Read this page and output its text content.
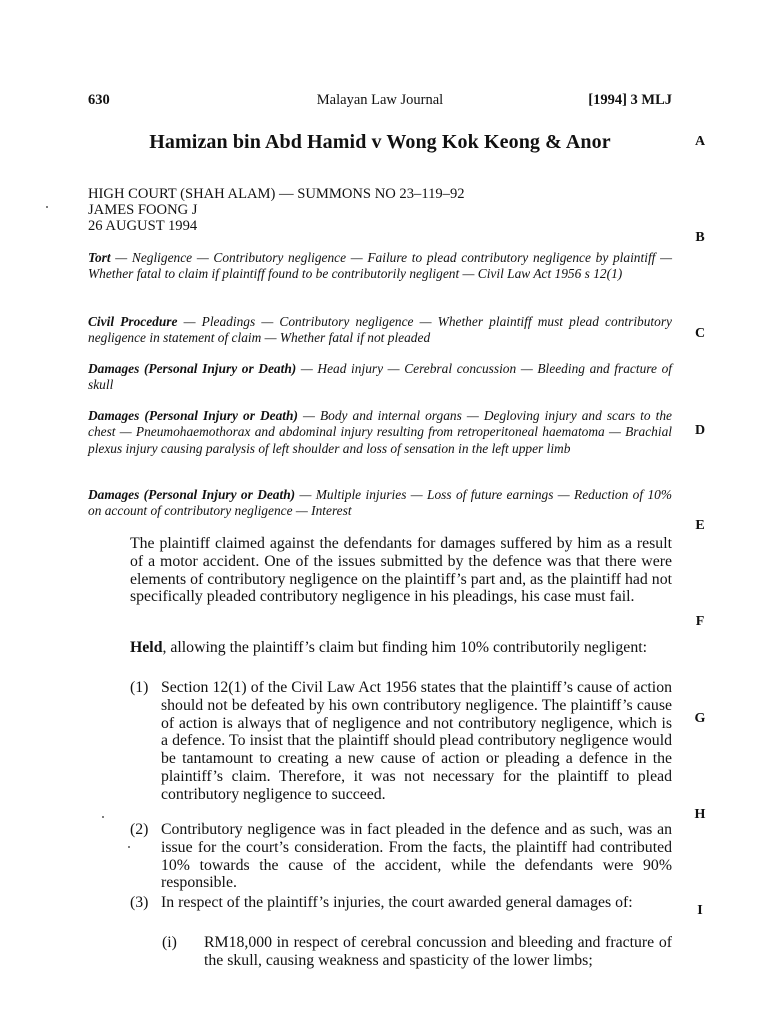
630	Malayan Law Journal	[1994] 3 MLJ
Hamizan bin Abd Hamid v Wong Kok Keong & Anor
HIGH COURT (SHAH ALAM) — SUMMONS NO 23–119–92
JAMES FOONG J
26 AUGUST 1994
Tort — Negligence — Contributory negligence — Failure to plead contributory negligence by plaintiff — Whether fatal to claim if plaintiff found to be contributorily negligent — Civil Law Act 1956 s 12(1)
Civil Procedure — Pleadings — Contributory negligence — Whether plaintiff must plead contributory negligence in statement of claim — Whether fatal if not pleaded
Damages (Personal Injury or Death) — Head injury — Cerebral concussion — Bleeding and fracture of skull
Damages (Personal Injury or Death) — Body and internal organs — Degloving injury and scars to the chest — Pneumohaemothorax and abdominal injury resulting from retroperitoneal haematoma — Brachial plexus injury causing paralysis of left shoulder and loss of sensation in the left upper limb
Damages (Personal Injury or Death) — Multiple injuries — Loss of future earnings — Reduction of 10% on account of contributory negligence — Interest
The plaintiff claimed against the defendants for damages suffered by him as a result of a motor accident. One of the issues submitted by the defence was that there were elements of contributory negligence on the plaintiff’s part and, as the plaintiff had not specifically pleaded contributory negligence in his pleadings, his case must fail.
Held, allowing the plaintiff’s claim but finding him 10% contributorily negligent:
(1) Section 12(1) of the Civil Law Act 1956 states that the plaintiff’s cause of action should not be defeated by his own contributory negligence. The plaintiff’s cause of action is always that of negligence and not contributory negligence, which is a defence. To insist that the plaintiff should plead contributory negligence would be tantamount to creating a new cause of action or pleading a defence in the plaintiff’s claim. Therefore, it was not necessary for the plaintiff to plead contributory negligence to succeed.
(2) Contributory negligence was in fact pleaded in the defence and as such, was an issue for the court’s consideration. From the facts, the plaintiff had contributed 10% towards the cause of the accident, while the defendants were 90% responsible.
(3) In respect of the plaintiff’s injuries, the court awarded general damages of:
(i) RM18,000 in respect of cerebral concussion and bleeding and fracture of the skull, causing weakness and spasticity of the lower limbs;
A
B
C
D
E
F
G
H
I
